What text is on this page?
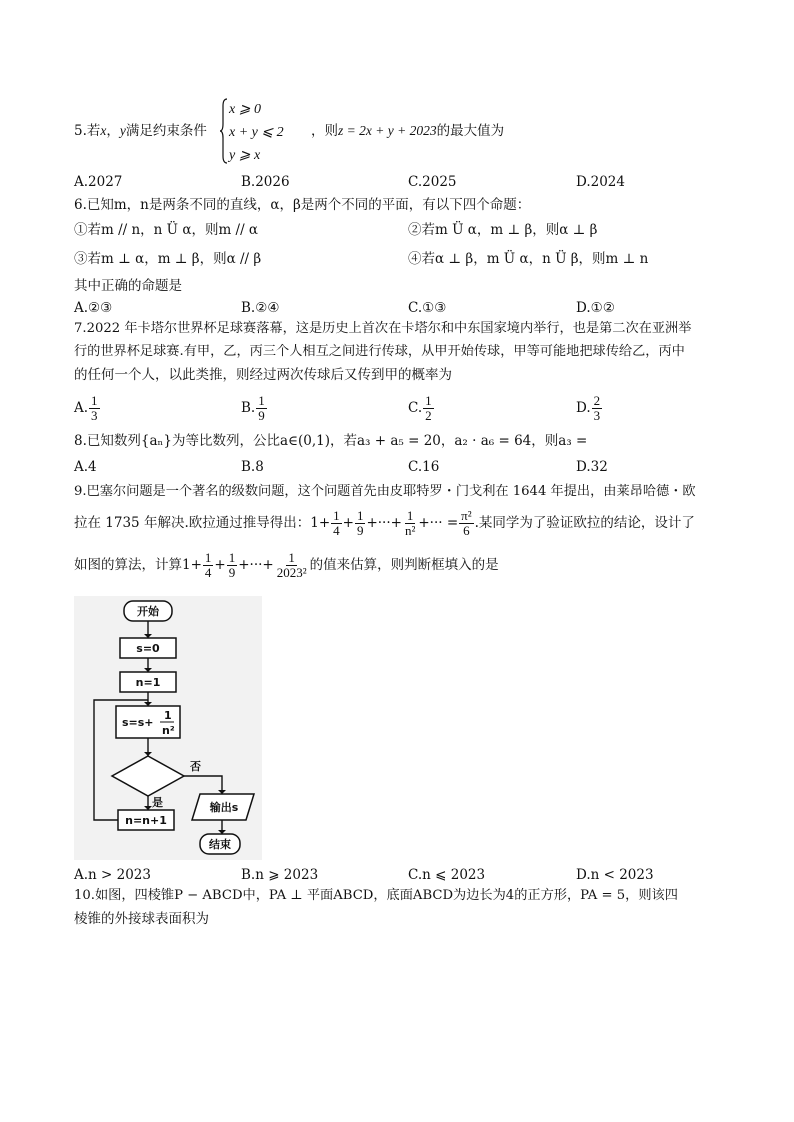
5.若x，y满足约束条件
x ⩾ 0
x + y ⩽ 2
y ⩾ x
，则z = 2x + y + 2023的最大值为
A.2027	B.2026	C.2025	D.2024
6.已知m，n是两条不同的直线，α，β是两个不同的平面，有以下四个命题：
①若m // n，n Ü α，则m // α	②若m Ü α，m ⊥ β，则α ⊥ β
③若m ⊥ α，m ⊥ β，则α // β	④若α ⊥ β，m Ü α，n Ü β，则m ⊥ n
其中正确的命题是
A.②③	B.②④	C.①③	D.①②
7.2022 年卡塔尔世界杯足球赛落幕，这是历史上首次在卡塔尔和中东国家境内举行，也是第二次在亚洲举
行的世界杯足球赛.有甲，乙，丙三个人相互之间进行传球，从甲开始传球，甲等可能地把球传给乙，丙中
的任何一个人，以此类推，则经过两次传球后又传到甲的概率为
A. $\frac{1}{3}$	B. $\frac{1}{9}$	C. $\frac{1}{2}$	D. $\frac{2}{3}$
8.已知数列{aₙ}为等比数列，公比a∈(0,1)，若a₃ + a₅ = 20，a₂ · a₆ = 64，则a₃ =
A.4	B.8	C.16	D.32
9.巴塞尔问题是一个著名的级数问题，这个问题首先由皮耶特罗・门戈利在 1644 年提出，由莱昂哈德・欧
拉在 1735 年解决.欧拉通过推导得出：$1+ \frac{1}{4} + \frac{1}{9}$ +···+ $\frac{1}{\text{n²}}$ +··· = $\frac{\text{π²}}{6}$ .某同学为了验证欧拉的结论，设计了
如图的算法，计算$1+ \frac{1}{4} + \frac{1}{9}$ +···+ $\frac{1}{\text{2023²}}$ 的值来估算，则判断框填入的是
开始
s=0
n=1
s=s+
1
n²
否
是	输出s
n=n+1
结束
A.n > 2023	B.n ⩾ 2023	C.n ⩽ 2023	D.n < 2023
10.如图，四棱锥P − ABCD中，PA ⊥ 平面ABCD，底面ABCD为边长为4的正方形，PA = 5，则该四
棱锥的外接球表面积为
